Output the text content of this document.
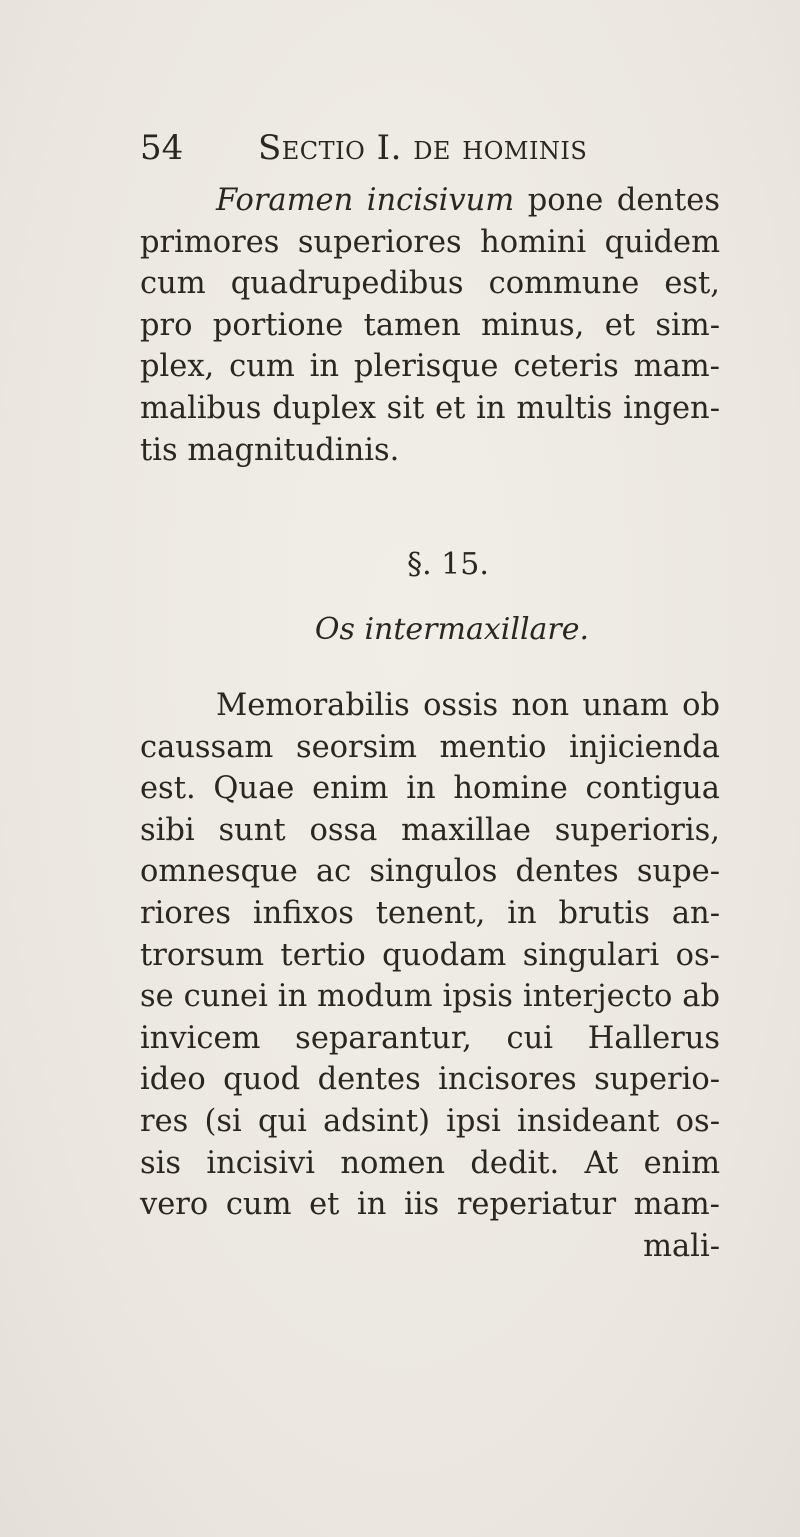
54 Sectio I. de hominis
Foramen incisivum pone dentes
primores superiores homini quidem
cum quadrupedibus commune est,
pro portione tamen minus, et sim-
plex, cum in plerisque ceteris mam-
malibus duplex sit et in multis ingen-
tis magnitudinis.
§. 15.
Os intermaxillare.
Memorabilis ossis non unam ob
caussam seorsim mentio injicienda
est. Quae enim in homine contigua
sibi sunt ossa maxillae superioris,
omnesque ac singulos dentes supe-
riores infixos tenent, in brutis an-
trorsum tertio quodam singulari os-
se cunei in modum ipsis interjecto ab
invicem separantur, cui Hallerus
ideo quod dentes incisores superio-
res (si qui adsint) ipsi insideant os-
sis incisivi nomen dedit. At enim
vero cum et in iis reperiatur mam-
mali-
